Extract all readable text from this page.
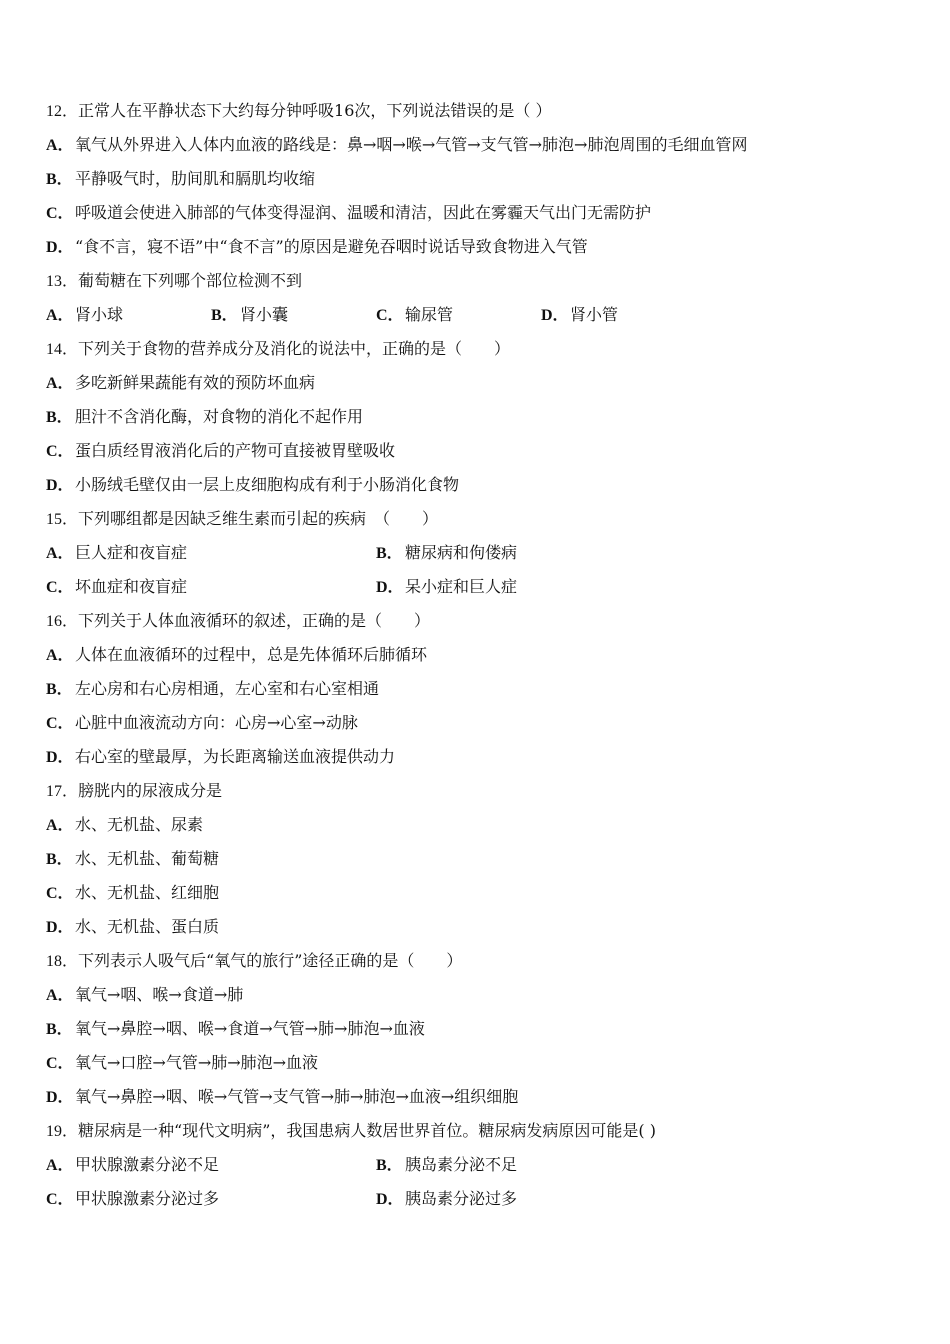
12．正常人在平静状态下大约每分钟呼吸16次，下列说法错误的是（ ）
A．氧气从外界进入人体内血液的路线是：鼻→咽→喉→气管→支气管→肺泡→肺泡周围的毛细血管网
B． 平静吸气时，肋间肌和膈肌均收缩
C．呼吸道会使进入肺部的气体变得湿润、温暖和清洁，因此在雾霾天气出门无需防护
D．“食不言，寝不语”中“食不言”的原因是避免吞咽时说话导致食物进入气管
13．葡萄糖在下列哪个部位检测不到
A．肾小球	B． 肾小囊	C．输尿管	D．肾小管
14．下列关于食物的营养成分及消化的说法中，正确的是（　　）
A．多吃新鲜果蔬能有效的预防坏血病
B． 胆汁不含消化酶，对食物的消化不起作用
C．蛋白质经胃液消化后的产物可直接被胃壁吸收
D．小肠绒毛壁仅由一层上皮细胞构成有利于小肠消化食物
15．下列哪组都是因缺乏维生素而引起的疾病　（　　）
A．巨人症和夜盲症	B． 糖尿病和佝偻病
C．坏血症和夜盲症	D．呆小症和巨人症
16．下列关于人体血液循环的叙述，正确的是（　　）
A．人体在血液循环的过程中，总是先体循环后肺循环
B． 左心房和右心房相通，左心室和右心室相通
C．心脏中血液流动方向：心房→心室→动脉
D．右心室的壁最厚，为长距离输送血液提供动力
17．膀胱内的尿液成分是
A．水、无机盐、尿素
B． 水、无机盐、葡萄糖
C．水、无机盐、红细胞
D．水、无机盐、蛋白质
18．下列表示人吸气后“氧气的旅行”途径正确的是（　　）
A．氧气→咽、喉→食道→肺
B． 氧气→鼻腔→咽、喉→食道→气管→肺→肺泡→血液
C．氧气→口腔→气管→肺→肺泡→血液
D．氧气→鼻腔→咽、喉→气管→支气管→肺→肺泡→血液→组织细胞
19．糖尿病是一种“现代文明病”，我国患病人数居世界首位。糖尿病发病原因可能是( )
A．甲状腺激素分泌不足	B． 胰岛素分泌不足
C．甲状腺激素分泌过多	D．胰岛素分泌过多
